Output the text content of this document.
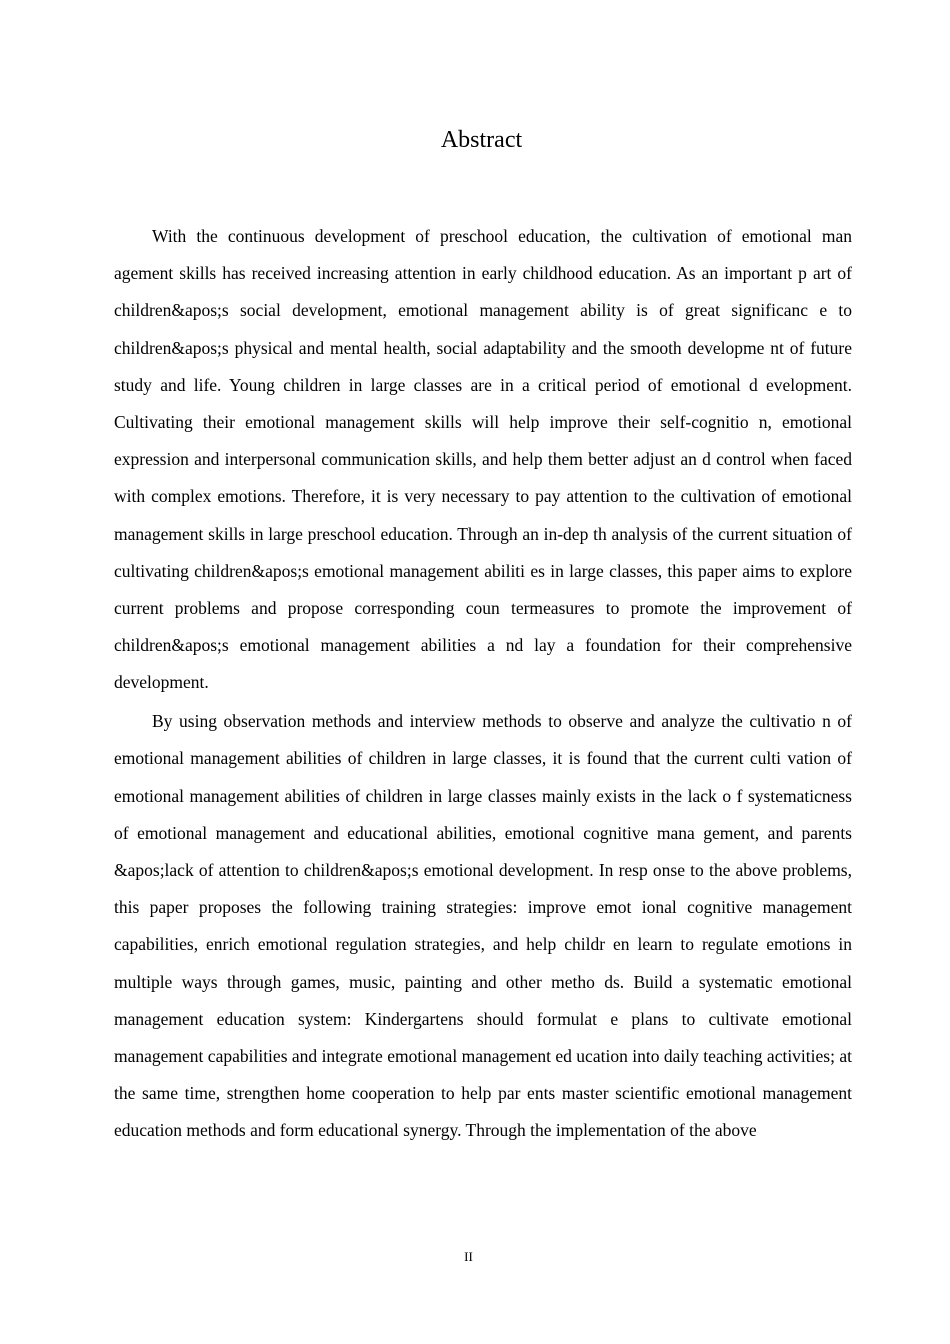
Abstract

With the continuous development of preschool education, the cultivation of emotional man agement skills has received increasing attention in early childhood education. As an important p art of children&apos;s social development, emotional management ability is of great significanc e to children&apos;s physical and mental health, social adaptability and the smooth developme nt of future study and life. Young children in large classes are in a critical period of emotional d evelopment. Cultivating their emotional management skills will help improve their self-cognitio n, emotional expression and interpersonal communication skills, and help them better adjust an d control when faced with complex emotions. Therefore, it is very necessary to pay attention to the cultivation of emotional management skills in large preschool education. Through an in-dep th analysis of the current situation of cultivating children&apos;s emotional management abiliti es in large classes, this paper aims to explore current problems and propose corresponding coun termeasures to promote the improvement of children&apos;s emotional management abilities a nd lay a foundation for their comprehensive development.

By using observation methods and interview methods to observe and analyze the cultivatio n of emotional management abilities of children in large classes, it is found that the current culti vation of emotional management abilities of children in large classes mainly exists in the lack o f systematicness of emotional management and educational abilities, emotional cognitive mana gement, and parents &apos;lack of attention to children&apos;s emotional development. In resp onse to the above problems, this paper proposes the following training strategies: improve emot ional cognitive management capabilities, enrich emotional regulation strategies, and help childr en learn to regulate emotions in multiple ways through games, music, painting and other metho ds. Build a systematic emotional management education system: Kindergartens should formulat e plans to cultivate emotional management capabilities and integrate emotional management ed ucation into daily teaching activities; at the same time, strengthen home cooperation to help par ents master scientific emotional management education methods and form educational synergy. Through the implementation of the above

II
